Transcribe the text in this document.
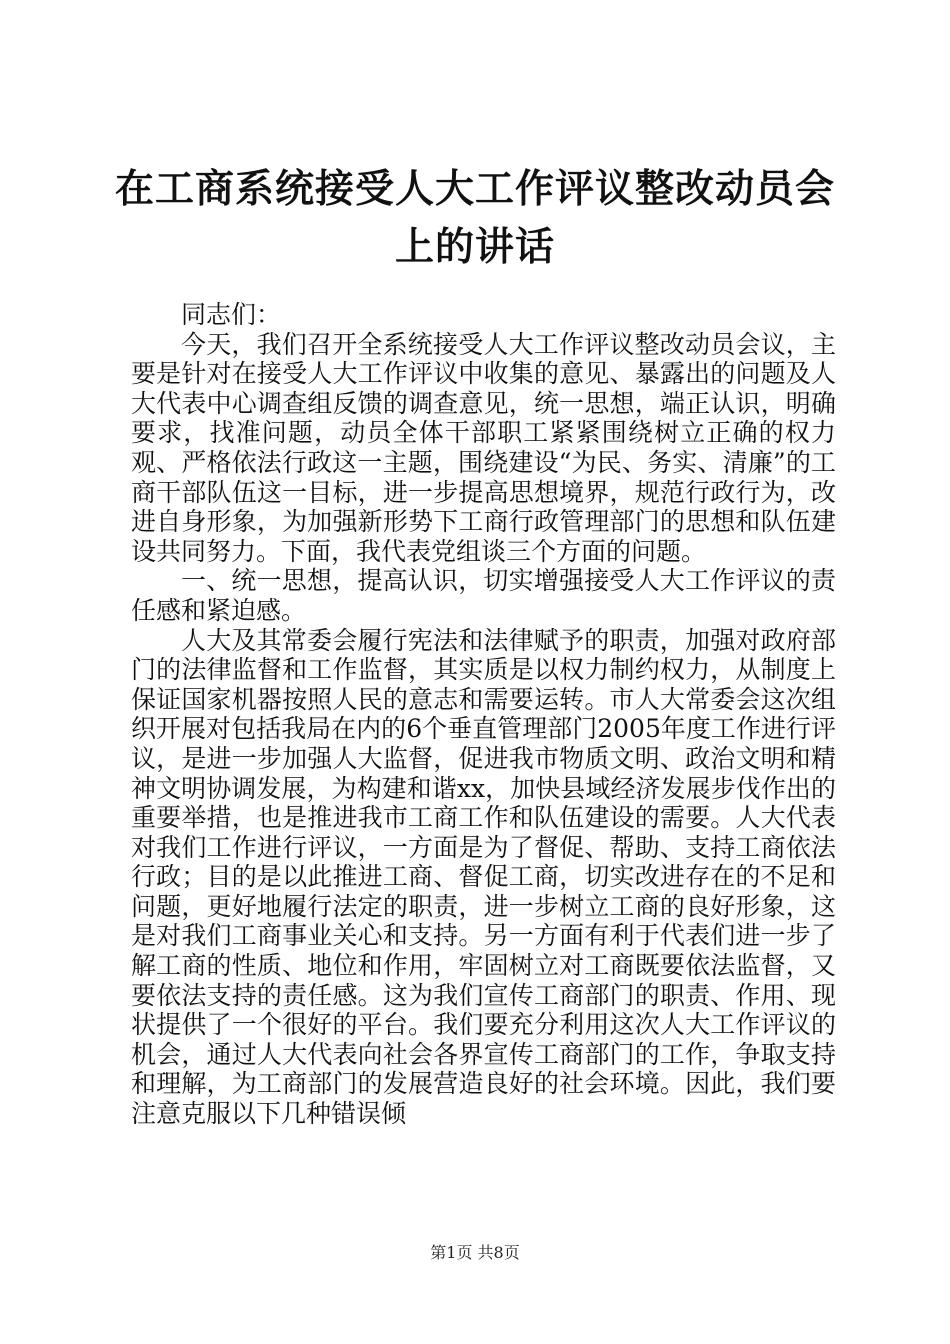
在工商系统接受人大工作评议整改动员会上的讲话

同志们：

今天，我们召开全系统接受人大工作评议整改动员会议，主要是针对在接受人大工作评议中收集的意见、暴露出的问题及人大代表中心调查组反馈的调查意见，统一思想，端正认识，明确要求，找准问题，动员全体干部职工紧紧围绕树立正确的权力观、严格依法行政这一主题，围绕建设“为民、务实、清廉”的工商干部队伍这一目标，进一步提高思想境界，规范行政行为，改进自身形象，为加强新形势下工商行政管理部门的思想和队伍建设共同努力。下面，我代表党组谈三个方面的问题。

一、统一思想，提高认识，切实增强接受人大工作评议的责任感和紧迫感。

人大及其常委会履行宪法和法律赋予的职责，加强对政府部门的法律监督和工作监督，其实质是以权力制约权力，从制度上保证国家机器按照人民的意志和需要运转。市人大常委会这次组织开展对包括我局在内的6个垂直管理部门2005年度工作进行评议，是进一步加强人大监督，促进我市物质文明、政治文明和精神文明协调发展，为构建和谐xx，加快县域经济发展步伐作出的重要举措，也是推进我市工商工作和队伍建设的需要。人大代表对我们工作进行评议，一方面是为了督促、帮助、支持工商依法行政；目的是以此推进工商、督促工商，切实改进存在的不足和问题，更好地履行法定的职责，进一步树立工商的良好形象，这是对我们工商事业关心和支持。另一方面有利于代表们进一步了解工商的性质、地位和作用，牢固树立对工商既要依法监督，又要依法支持的责任感。这为我们宣传工商部门的职责、作用、现状提供了一个很好的平台。我们要充分利用这次人大工作评议的机会，通过人大代表向社会各界宣传工商部门的工作，争取支持和理解，为工商部门的发展营造良好的社会环境。因此，我们要注意克服以下几种错误倾

第1页 共8页
